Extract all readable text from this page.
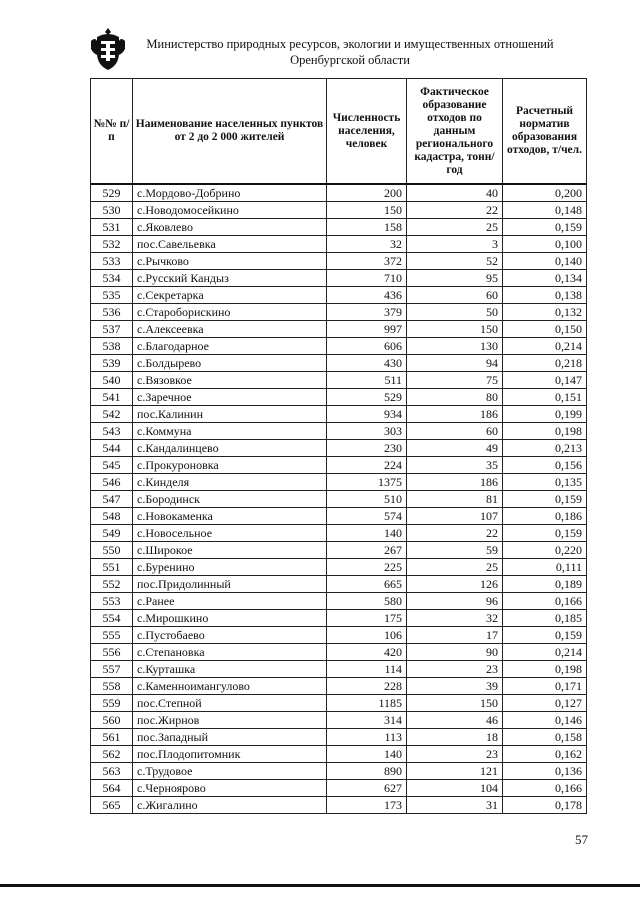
Министерство природных ресурсов, экологии и имущественных отношений
Оренбургской области
№№ п/п	Наименование населенных пунктов от 2 до 2 000 жителей	Численность населения, человек	Фактическое образование отходов по данным регионального кадастра, тонн/год	Расчетный норматив образования отходов, т/чел.
529	с.Мордово-Добрино	200	40	0,200
530	с.Новодомосейкино	150	22	0,148
531	с.Яковлево	158	25	0,159
532	пос.Савельевка	32	3	0,100
533	с.Рычково	372	52	0,140
534	с.Русский Кандыз	710	95	0,134
535	с.Секретарка	436	60	0,138
536	с.Староборискино	379	50	0,132
537	с.Алексеевка	997	150	0,150
538	с.Благодарное	606	130	0,214
539	с.Болдырево	430	94	0,218
540	с.Вязовкое	511	75	0,147
541	с.Заречное	529	80	0,151
542	пос.Калинин	934	186	0,199
543	с.Коммуна	303	60	0,198
544	с.Кандалинцево	230	49	0,213
545	с.Прокуроновка	224	35	0,156
546	с.Кинделя	1375	186	0,135
547	с.Бородинск	510	81	0,159
548	с.Новокаменка	574	107	0,186
549	с.Новосельное	140	22	0,159
550	с.Широкое	267	59	0,220
551	с.Буренино	225	25	0,111
552	пос.Придолинный	665	126	0,189
553	с.Ранее	580	96	0,166
554	с.Мирошкино	175	32	0,185
555	с.Пустобаево	106	17	0,159
556	с.Степановка	420	90	0,214
557	с.Курташка	114	23	0,198
558	с.Каменноимангулово	228	39	0,171
559	пос.Степной	1185	150	0,127
560	пос.Жирнов	314	46	0,146
561	пос.Западный	113	18	0,158
562	пос.Плодопитомник	140	23	0,162
563	с.Трудовое	890	121	0,136
564	с.Черноярово	627	104	0,166
565	с.Жигалино	173	31	0,178
57
